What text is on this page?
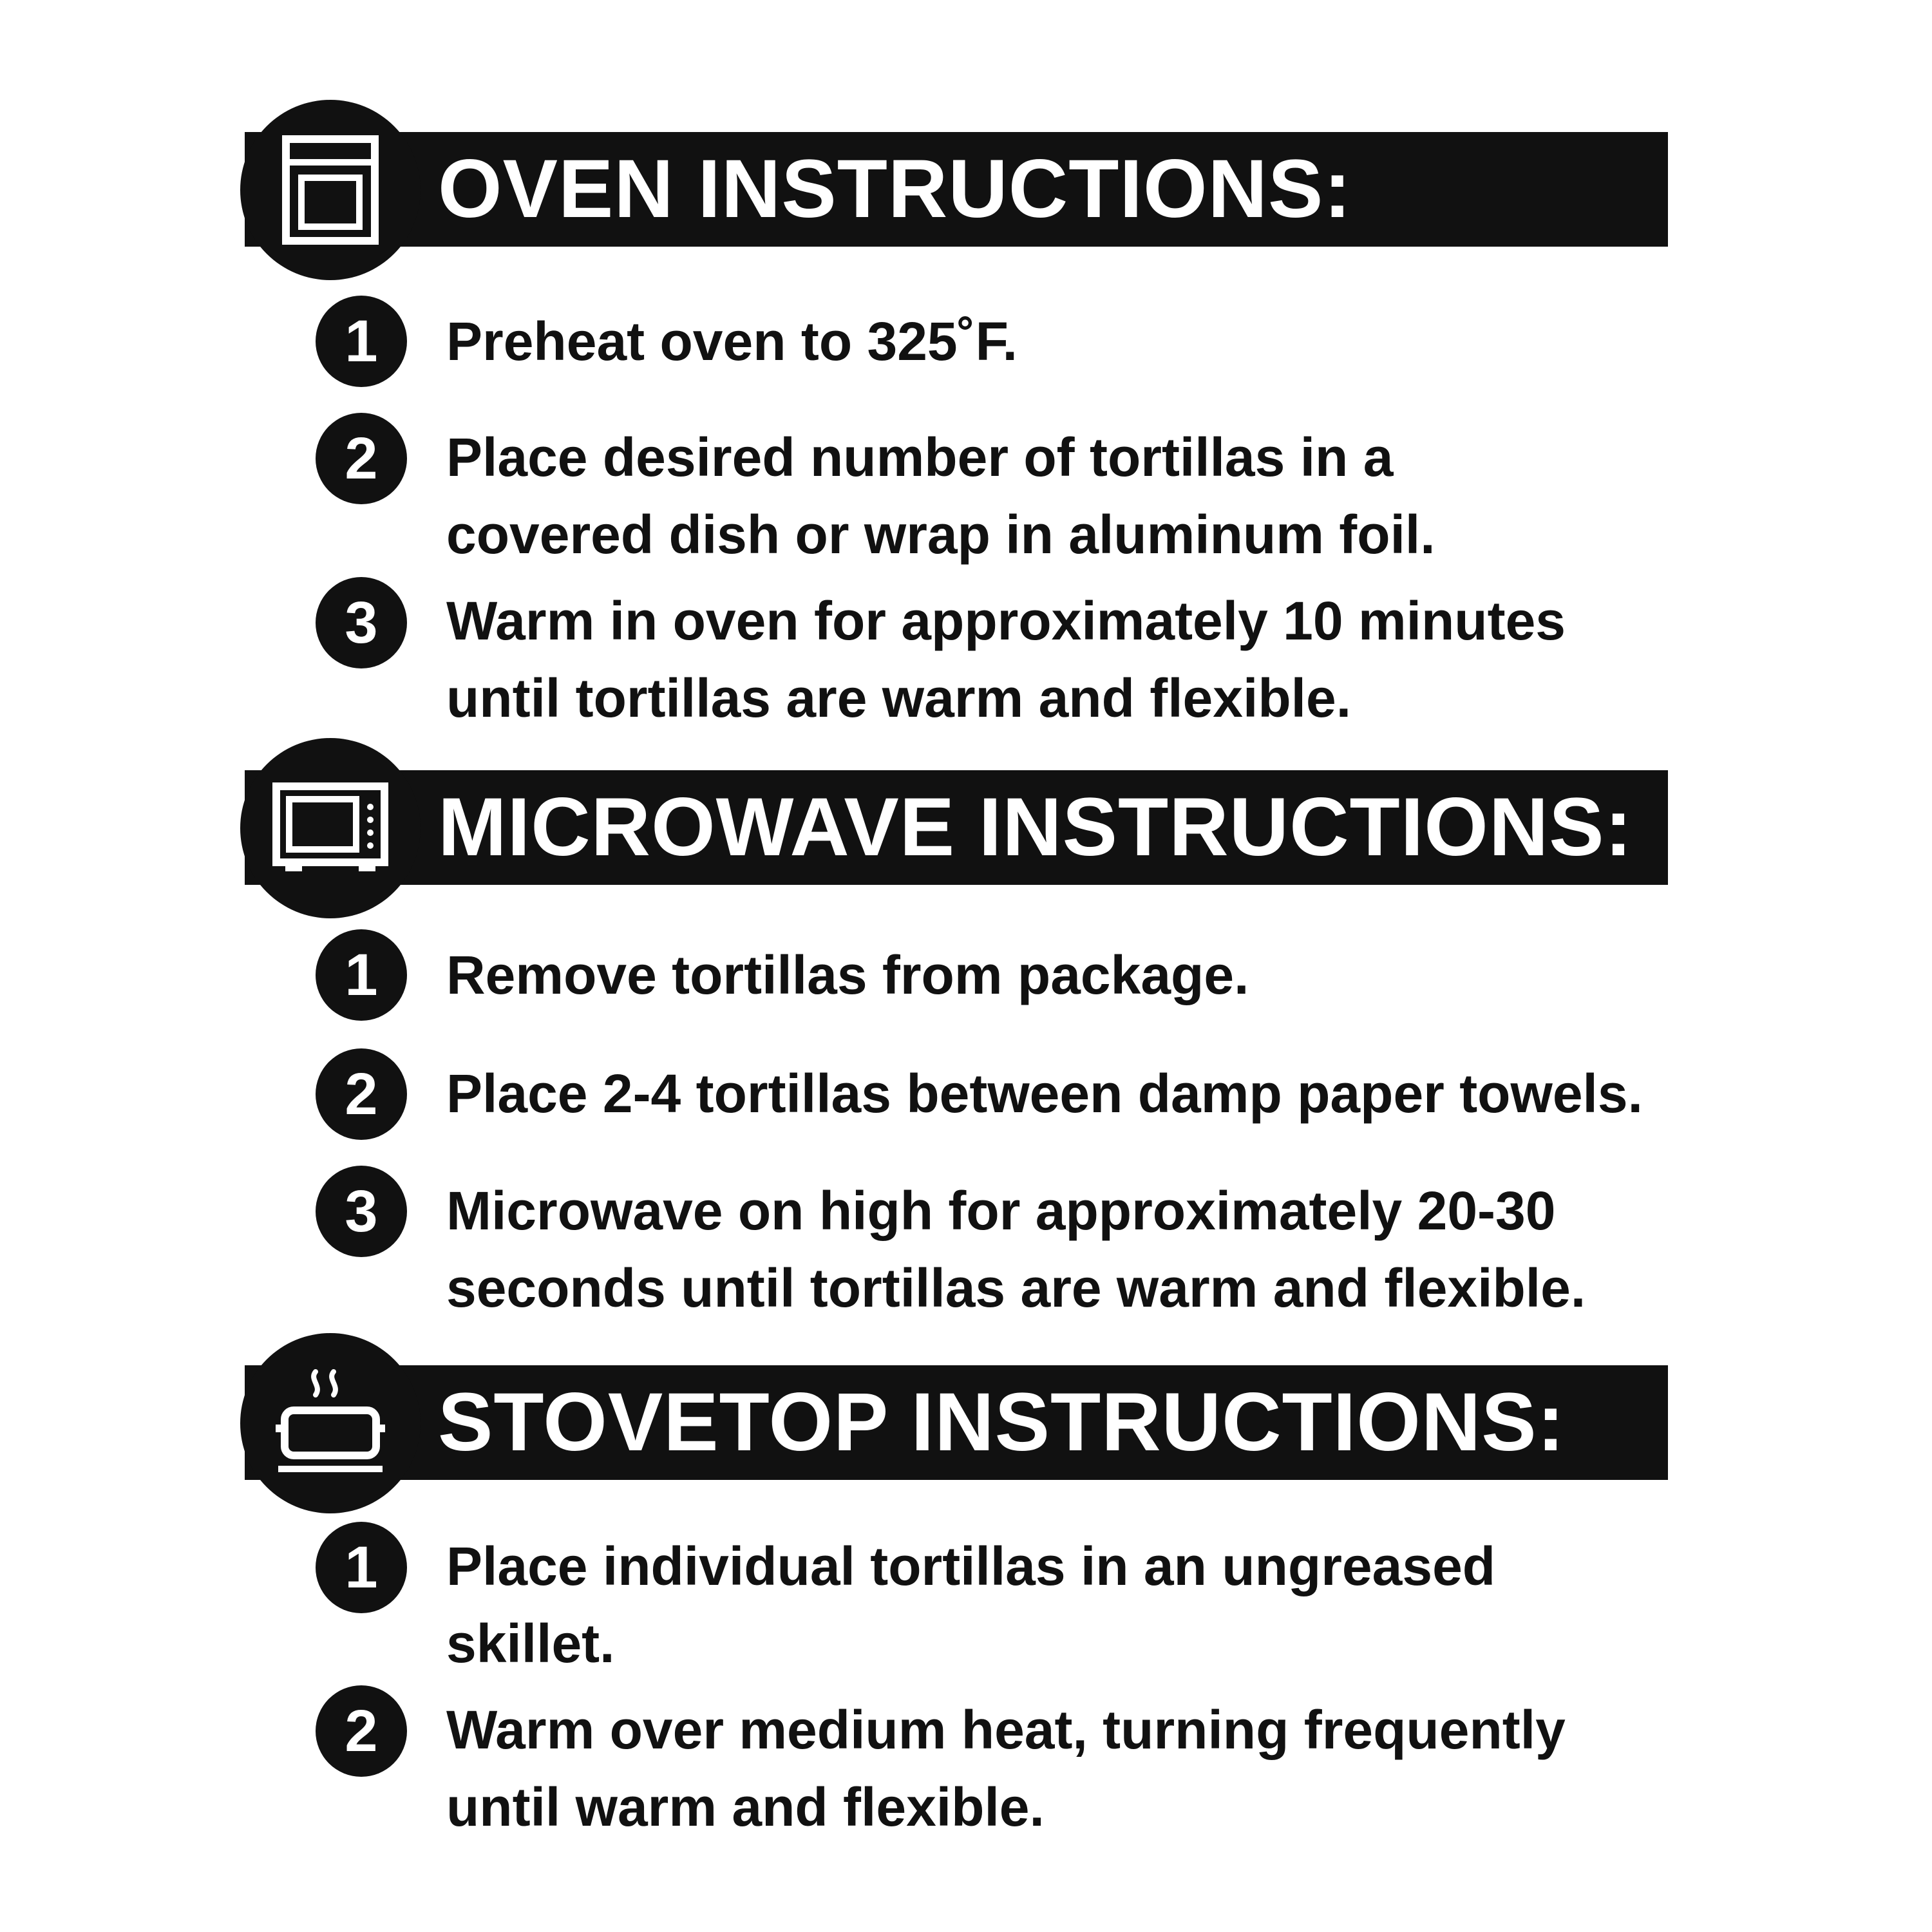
OVEN INSTRUCTIONS:
1	Preheat oven to 325˚F.
2	Place desired number of tortillas in a
covered dish or wrap in aluminum foil.
3	Warm in oven for approximately 10 minutes
until tortillas are warm and flexible.
MICROWAVE INSTRUCTIONS:
1	Remove tortillas from package.
2	Place 2-4 tortillas between damp paper towels.
3	Microwave on high for approximately 20-30
seconds until tortillas are warm and flexible.
STOVETOP INSTRUCTIONS:
1	Place individual tortillas in an ungreased
skillet.
2	Warm over medium heat, turning frequently
until warm and flexible.
